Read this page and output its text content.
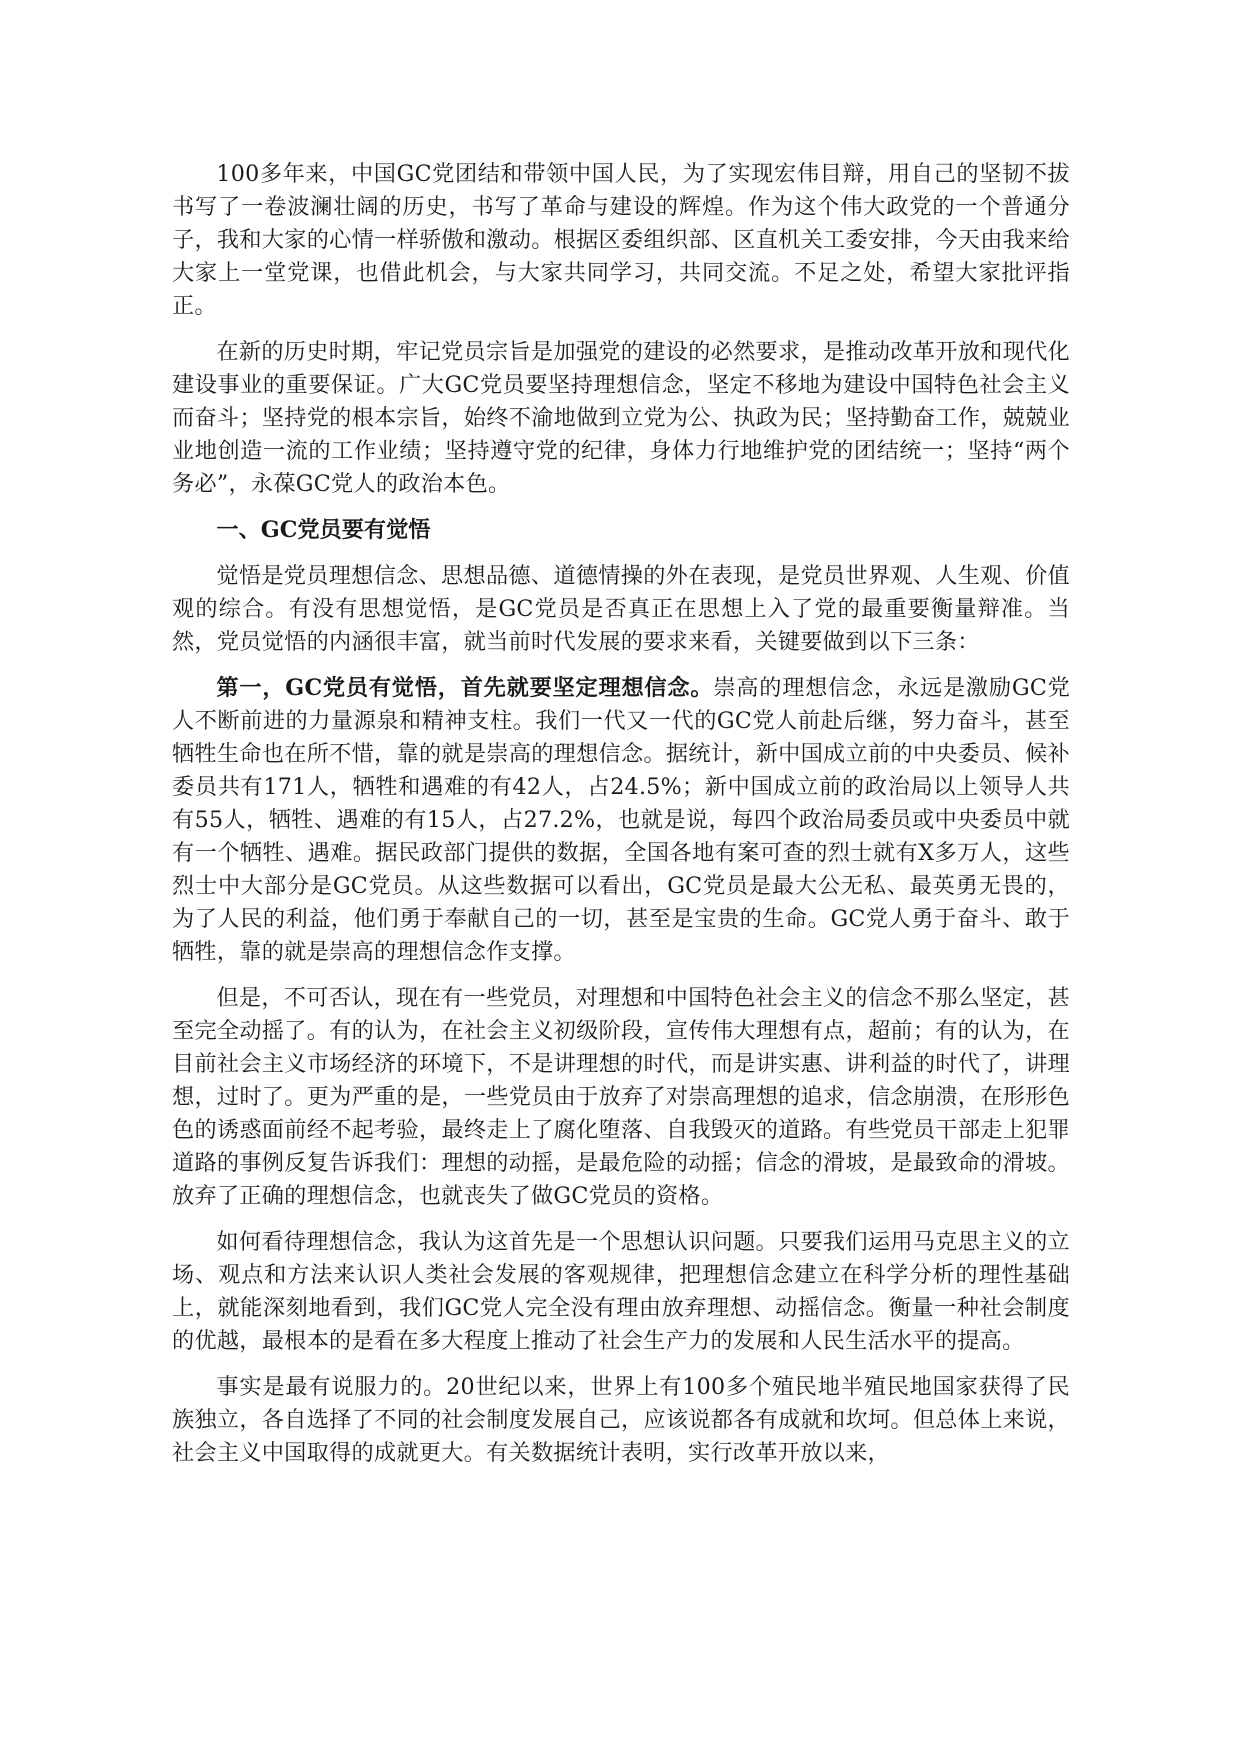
100多年来，中国GC党团结和带领中国人民，为了实现宏伟目辩，用自己的坚韧不拔书写了一卷波澜壮阔的历史，书写了革命与建设的辉煌。作为这个伟大政党的一个普通分子，我和大家的心情一样骄傲和激动。根据区委组织部、区直机关工委安排，今天由我来给大家上一堂党课，也借此机会，与大家共同学习，共同交流。不足之处，希望大家批评指正。

在新的历史时期，牢记党员宗旨是加强党的建设的必然要求，是推动改革开放和现代化建设事业的重要保证。广大GC党员要坚持理想信念，坚定不移地为建设中国特色社会主义而奋斗；坚持党的根本宗旨，始终不渝地做到立党为公、执政为民；坚持勤奋工作，兢兢业业地创造一流的工作业绩；坚持遵守党的纪律，身体力行地维护党的团结统一；坚持“两个务必”，永葆GC党人的政治本色。

一、GC党员要有觉悟

觉悟是党员理想信念、思想品德、道德情操的外在表现，是党员世界观、人生观、价值观的综合。有没有思想觉悟，是GC党员是否真正在思想上入了党的最重要衡量辩准。当然，党员觉悟的内涵很丰富，就当前时代发展的要求来看，关键要做到以下三条：

第一，GC党员有觉悟，首先就要坚定理想信念。崇高的理想信念，永远是激励GC党人不断前进的力量源泉和精神支柱。我们一代又一代的GC党人前赴后继，努力奋斗，甚至牺牲生命也在所不惜，靠的就是崇高的理想信念。据统计，新中国成立前的中央委员、候补委员共有171人，牺牲和遇难的有42人，占24.5%；新中国成立前的政治局以上领导人共有55人，牺牲、遇难的有15人，占27.2%，也就是说，每四个政治局委员或中央委员中就有一个牺牲、遇难。据民政部门提供的数据，全国各地有案可查的烈士就有X多万人，这些烈士中大部分是GC党员。从这些数据可以看出，GC党员是最大公无私、最英勇无畏的，为了人民的利益，他们勇于奉献自己的一切，甚至是宝贵的生命。GC党人勇于奋斗、敢于牺牲，靠的就是崇高的理想信念作支撑。

但是，不可否认，现在有一些党员，对理想和中国特色社会主义的信念不那么坚定，甚至完全动摇了。有的认为，在社会主义初级阶段，宣传伟大理想有点，超前；有的认为，在目前社会主义市场经济的环境下，不是讲理想的时代，而是讲实惠、讲利益的时代了，讲理想，过时了。更为严重的是，一些党员由于放弃了对崇高理想的追求，信念崩溃，在形形色色的诱惑面前经不起考验，最终走上了腐化堕落、自我毁灭的道路。有些党员干部走上犯罪道路的事例反复告诉我们：理想的动摇，是最危险的动摇；信念的滑坡，是最致命的滑坡。放弃了正确的理想信念，也就丧失了做GC党员的资格。

如何看待理想信念，我认为这首先是一个思想认识问题。只要我们运用马克思主义的立场、观点和方法来认识人类社会发展的客观规律，把理想信念建立在科学分析的理性基础上，就能深刻地看到，我们GC党人完全没有理由放弃理想、动摇信念。衡量一种社会制度的优越，最根本的是看在多大程度上推动了社会生产力的发展和人民生活水平的提高。

事实是最有说服力的。20世纪以来，世界上有100多个殖民地半殖民地国家获得了民族独立，各自选择了不同的社会制度发展自己，应该说都各有成就和坎坷。但总体上来说，社会主义中国取得的成就更大。有关数据统计表明，实行改革开放以来，
